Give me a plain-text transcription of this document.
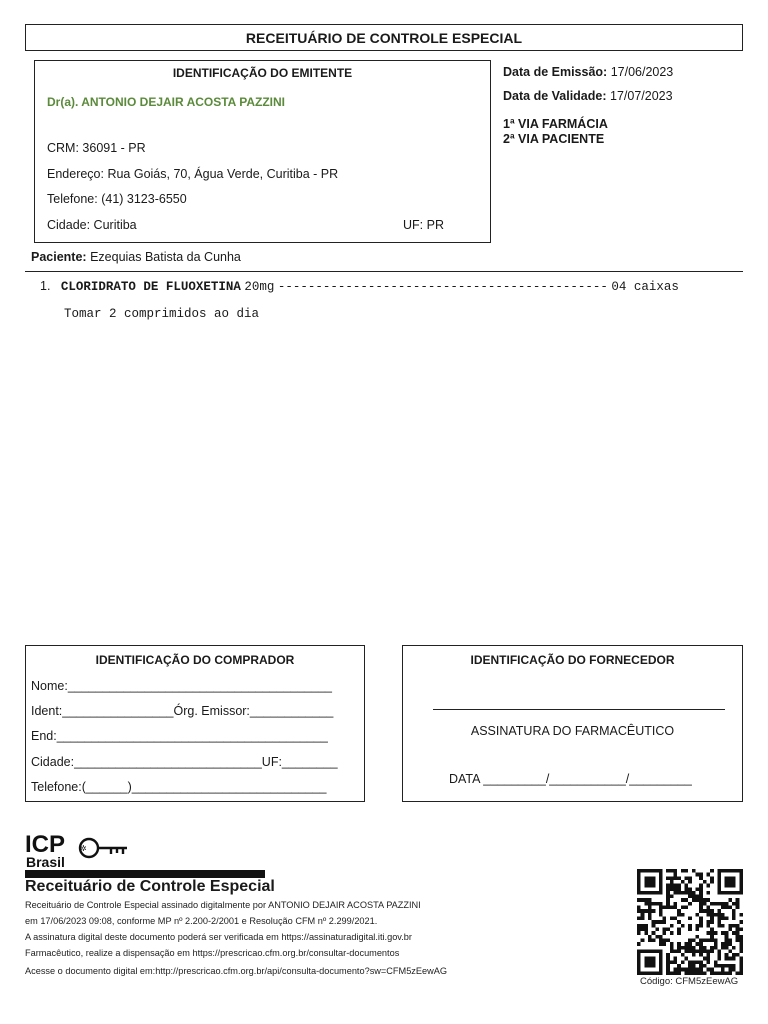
RECEITUÁRIO DE CONTROLE ESPECIAL
IDENTIFICAÇÃO DO EMITENTE
Dr(a). ANTONIO DEJAIR ACOSTA PAZZINI
CRM: 36091 - PR
Endereço: Rua Goiás, 70, Água Verde, Curitiba - PR
Telefone: (41) 3123-6550
Cidade: Curitiba	UF: PR
Data de Emissão: 17/06/2023
Data de Validade: 17/07/2023
1ª VIA FARMÁCIA
2ª VIA PACIENTE
Paciente: Ezequias Batista da Cunha
1. CLORIDRATO DE FLUOXETINA 20mg -------------------------------------------- 04 caixas
Tomar 2 comprimidos ao dia
IDENTIFICAÇÃO DO COMPRADOR
Nome:______________________________________
Ident:________________Órg. Emissor:____________
End:_______________________________________
Cidade:___________________________UF:________
Telefone:(______)____________________________
IDENTIFICAÇÃO DO FORNECEDOR
ASSINATURA DO FARMACÊUTICO
DATA _________/___________/_________
ICP
Brasil
✲
Receituário de Controle Especial
Receituário de Controle Especial assinado digitalmente por ANTONIO DEJAIR ACOSTA PAZZINI
em 17/06/2023 09:08, conforme MP nº 2.200-2/2001 e Resolução CFM nº 2.299/2021.
A assinatura digital deste documento poderá ser verificada em https://assinaturadigital.iti.gov.br
Farmacêutico, realize a dispensação em https://prescricao.cfm.org.br/consultar-documentos
Acesse o documento digital em:http://prescricao.cfm.org.br/api/consulta-documento?sw=CFM5zEewAG
Código: CFM5zEewAG
